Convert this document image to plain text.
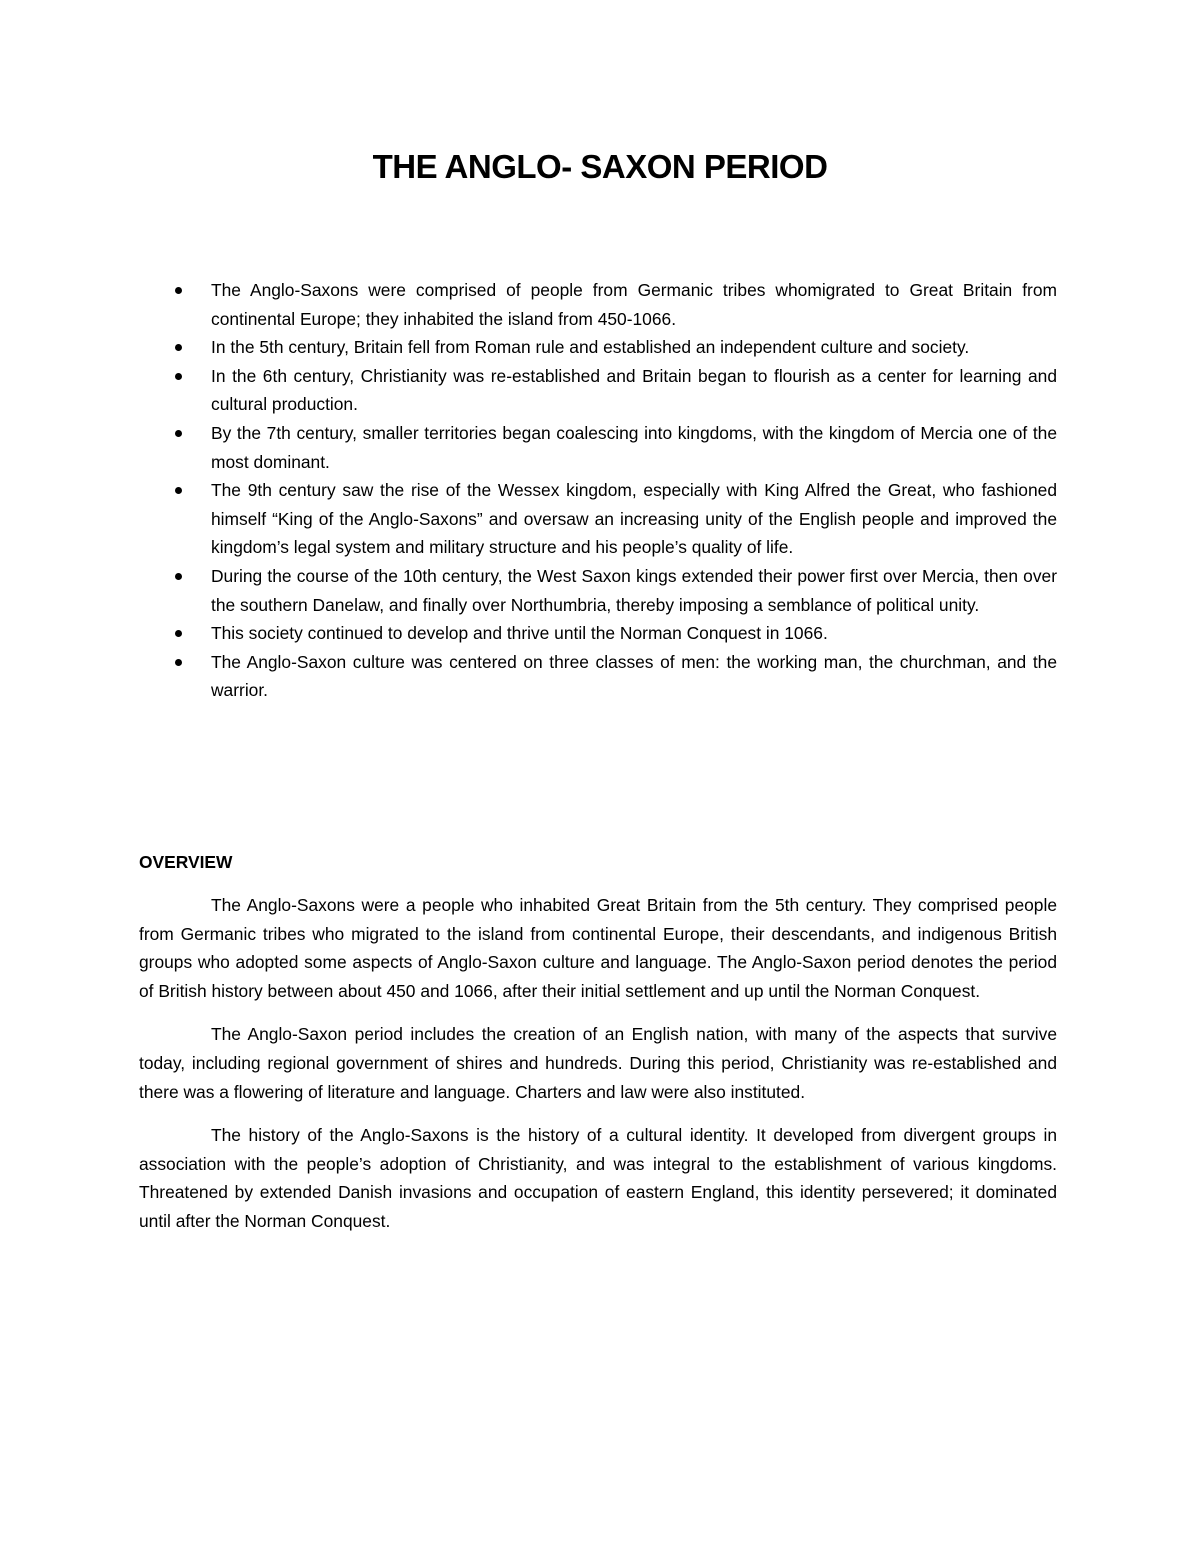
THE ANGLO- SAXON PERIOD
The Anglo-Saxons were comprised of people from Germanic tribes whomigrated to Great Britain from continental Europe; they inhabited the island from 450-1066.
In the 5th century, Britain fell from Roman rule and established an independent culture and society.
In the 6th century, Christianity was re-established and Britain began to flourish as a center for learning and cultural production.
By the 7th century, smaller territories began coalescing into kingdoms, with the kingdom of Mercia one of the most dominant.
The 9th century saw the rise of the Wessex kingdom, especially with King Alfred the Great, who fashioned himself “King of the Anglo-Saxons” and oversaw an increasing unity of the English people and improved the kingdom’s legal system and military structure and his people’s quality of life.
During the course of the 10th century, the West Saxon kings extended their power first over Mercia, then over the southern Danelaw, and finally over Northumbria, thereby imposing a semblance of political unity.
This society continued to develop and thrive until the Norman Conquest in 1066.
The Anglo-Saxon culture was centered on three classes of men: the working man, the churchman, and the warrior.
OVERVIEW

The Anglo-Saxons were a people who inhabited Great Britain from the 5th century. They comprised people from Germanic tribes who migrated to the island from continental Europe, their descendants, and indigenous British groups who adopted some aspects of Anglo-Saxon culture and language. The Anglo-Saxon period denotes the period of British history between about 450 and 1066, after their initial settlement and up until the Norman Conquest.

The Anglo-Saxon period includes the creation of an English nation, with many of the aspects that survive today, including regional government of shires and hundreds. During this period, Christianity was re-established and there was a flowering of literature and language. Charters and law were also instituted.

The history of the Anglo-Saxons is the history of a cultural identity. It developed from divergent groups in association with the people’s adoption of Christianity, and was integral to the establishment of various kingdoms. Threatened by extended Danish invasions and occupation of eastern England, this identity persevered; it dominated until after the Norman Conquest.
